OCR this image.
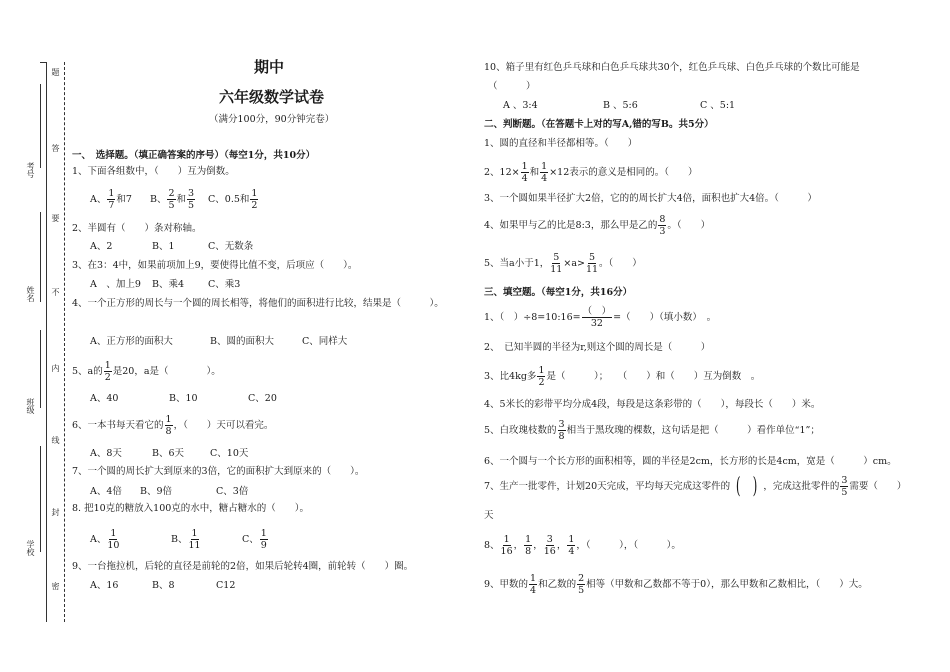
考号
姓名
班级
学校
题
答
要
不
内
线
封
密
期中
六年级数学试卷
（满分100分，90分钟完卷）
一、　选择题。（填正确答案的序号）（每空1分，共10分）
1、下面各组数中，（　　）互为倒数。
A、 $\frac{1}{7}$ 和7 B、 $\frac{2}{5}$ 和 $\frac{3}{5}$ C、0.5和 $\frac{1}{2}$
2、半圆有（　　）条对称轴。
A、2	B、1	C、无数条
3、在3：4中，如果前项加上9，要使得比值不变，后项应（　　）。
A　、加上9 B、乘4	C、乘3
4、一个正方形的周长与一个圆的周长相等，将他们的面积进行比较，结果是（　　　）。
A、正方形的面积大	B、圆的面积大	C、同样大
5、a的 $\frac{1}{2}$ 是20，a是（　　　　）。
A、40	B、10	C、20
6、一本书每天看它的 $\frac{1}{8}$ ，（　　）天可以看完。
A、8天	B、6天	C、10天
7、一个圆的周长扩大到原来的3倍，它的面积扩大到原来的（　　）。
A、4倍 B、9倍	C、3倍
8. 把10克的糖放入100克的水中，糖占糖水的（　　）。
A、 $\frac{1}{10}$	B、 $\frac{1}{11}$	C、 $\frac{1}{9}$
9、一台拖拉机，后轮的直径是前轮的2倍，如果后轮转4圈，前轮转（　　）圈。
A、16	B、8	C12
10、箱子里有红色乒乓球和白色乒乓球共30个，红色乒乓球、白色乒乓球的个数比可能是
（　　　）
A 、3:4	B 、5:6	C 、5:1
二、判断题。（在答题卡上对的写A,错的写B。共5分）
1、圆的直径和半径都相等。（　　）
2、$12\times \frac{1}{4}$ 和 $\frac{1}{4} \times 12$表示的意义是相同的。（　　）
3、一个圆如果半径扩大2倍，它的的周长扩大4倍，面积也扩大4倍。（　　　）
4、如果甲与乙的比是8:3，那么甲是乙的 $\frac{8}{3}$ 。（　　）
5、当a小于1， $\frac{5}{11} \times a> \frac{5}{11}$ 。（　　）
三、填空题。（每空1分，共16分）
1、（　）÷8=10:16= $\frac{( )}{32}$ =（　　）（填小数）　。
2、　已知半圆的半径为r,则这个圆的周长是（　　　）
3、比4kg多 $\frac{1}{2}$ 是（　　　）；　　（　　）和（　　）互为倒数　。
4、5米长的彩带平均分成4段，每段是这条彩带的（　　），每段长（　　）米。
5、白玫瑰枝数的 $\frac{3}{8}$ 相当于黑玫瑰的棵数，这句话是把（　　　）看作单位“1”；
6、一个圆与一个长方形的面积相等，圆的半径是2cm，长方形的长是4cm，宽是（　　　）cm。
7、生产一批零件，计划20天完成，平均每天完成这零件的 (　) ，完成这批零件的 $\frac{3}{5}$ 需要（　　）
天
8、 $\frac{1}{16}$ ， $\frac{1}{8}$ ， $\frac{3}{16}$ ， $\frac{1}{4}$ ，（　　　），（　　　）。
9、甲数的 $\frac{1}{4}$ 和乙数的 $\frac{2}{5}$ 相等（甲数和乙数都不等于0），那么甲数和乙数相比，（　　）大。
